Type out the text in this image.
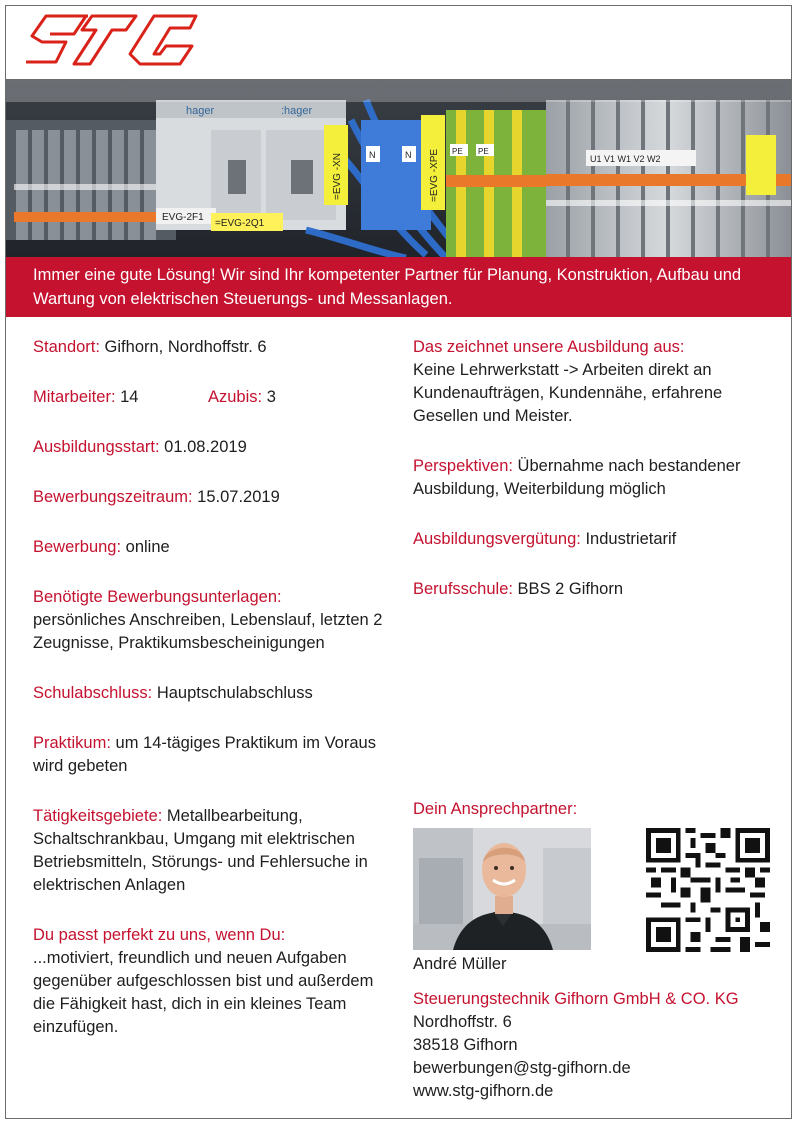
hager	:hager
EVG-2F1
=EVG-2Q1
=EVG -XN	N	N =EVG -XPE PE PE
U1 V1 W1 V2 W2
Immer eine gute Lösung! Wir sind Ihr kompetenter Partner für Planung, Konstruktion, Aufbau und Wartung von elektrischen Steuerungs- und Messanlagen.
Standort: Gifhorn, Nordhoffstr. 6
Mitarbeiter: 14	Azubis: 3
Ausbildungsstart: 01.08.2019
Bewerbungszeitraum: 15.07.2019
Bewerbung: online
Benötigte Bewerbungsunterlagen:
persönliches Anschreiben, Lebenslauf, letzten 2 Zeugnisse, Praktikumsbescheinigungen
Schulabschluss: Hauptschulabschluss
Praktikum: um 14-tägiges Praktikum im Voraus wird gebeten
Tätigkeitsgebiete: Metallbearbeitung, Schaltschrankbau, Umgang mit elektrischen Betriebsmitteln, Störungs- und Fehlersuche in elektrischen Anlagen
Du passt perfekt zu uns, wenn Du:
...motiviert, freundlich und neuen Aufgaben gegenüber aufgeschlossen bist und außerdem die Fähigkeit hast, dich in ein kleines Team einzufügen.
Das zeichnet unsere Ausbildung aus:
Keine Lehrwerkstatt -> Arbeiten direkt an Kundenaufträgen, Kundennähe, erfahrene Gesellen und Meister.
Perspektiven: Übernahme nach bestandener Ausbildung, Weiterbildung möglich
Ausbildungsvergütung: Industrietarif
Berufsschule: BBS 2 Gifhorn
Dein Ansprechpartner:
André Müller
Steuerungstechnik Gifhorn GmbH & CO. KG
Nordhoffstr. 6
38518 Gifhorn
bewerbungen@stg-gifhorn.de
www.stg-gifhorn.de
